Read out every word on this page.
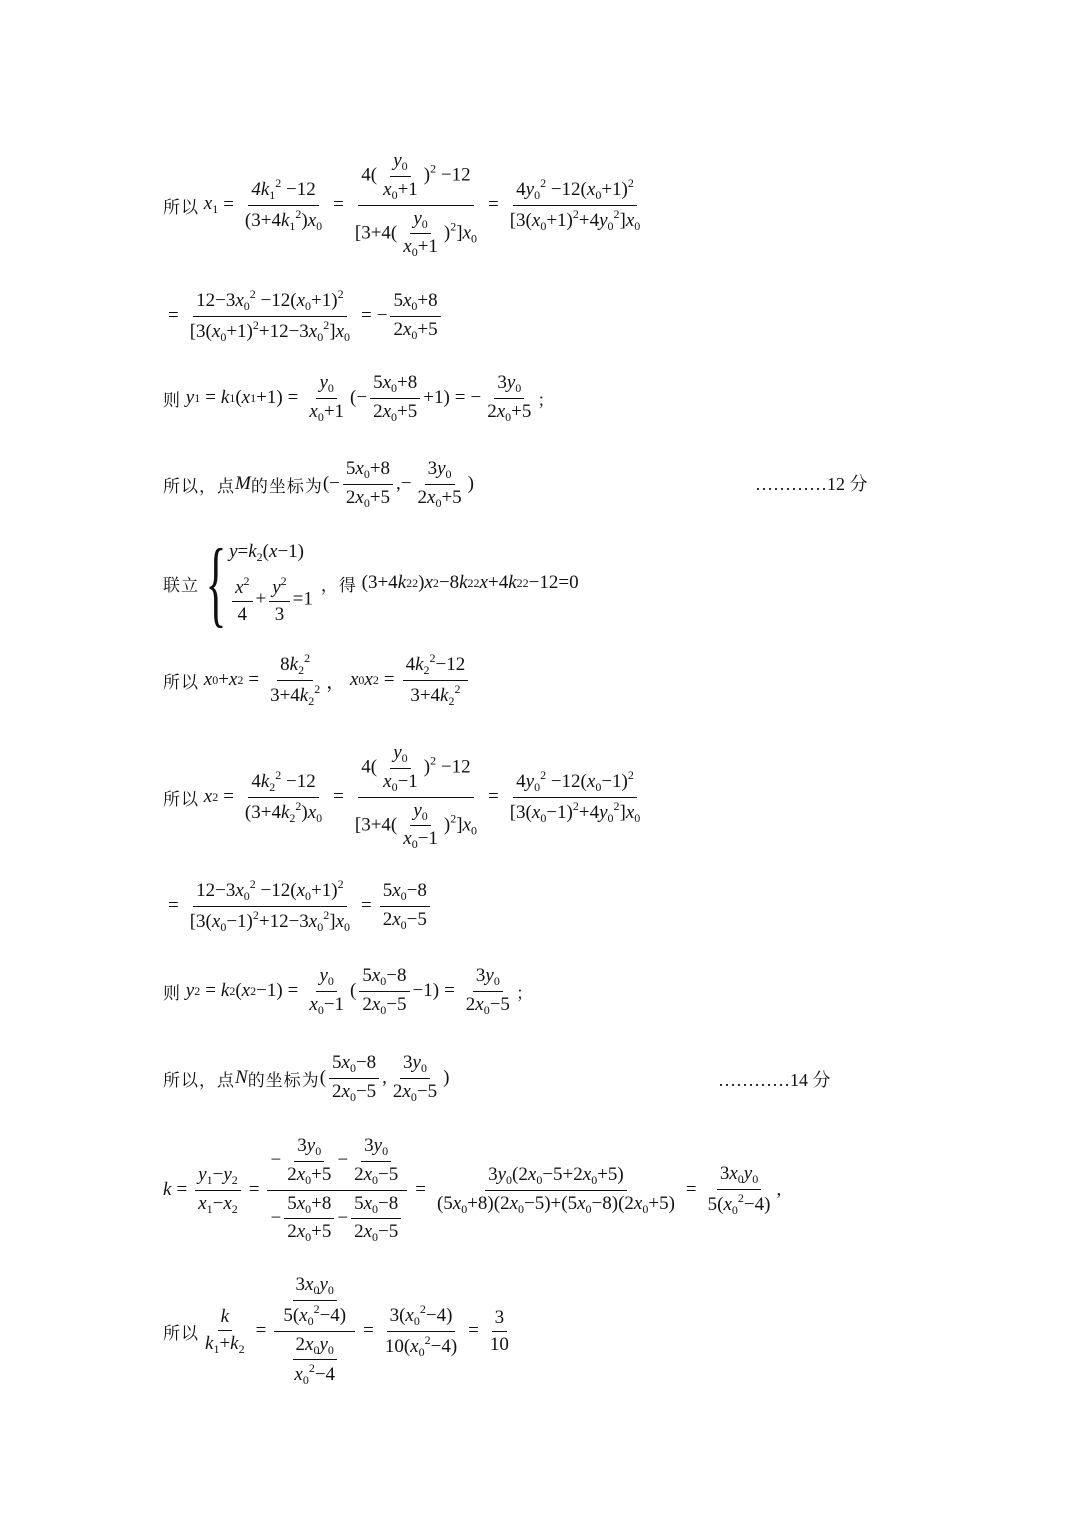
所以 $x_1 = \frac{4k_1^2 -12}{(3+4k_1^2)x_0} = \frac{4( \frac{y_0}{x_0+1} )^2 -12}{[3+4( \frac{y_0}{x_0+1} )^2]x_0} = \frac{4y_0^2 -12(x_0+1)^2}{[3(x_0+1)^2+4y_0^2]x_0}$
= $\frac{12-3x_0^2 -12(x_0+1)^2}{[3(x_0+1)^2+12-3x_0^2]x_0}$ = − $\frac{5x_0+8}{2x_0+5}$
则 y 1 = k 1 ( x $1 +1) = \frac{y_0}{x_0+1}$ (− $\frac{5x_0+8}{2x_0+5} +1$) = − $\frac{3y_0}{2x_0+5}$ ；
所以，点 M 的坐标为 (− $\frac{5x_0+8}{2x_0+5}$ ,− $\frac{3y_0}{2x_0+5}$ )	…………12 分
联立 { $y=k_2(x-1)$
$\frac{x^2}{4} + \frac{y^2}{3} =1$
，得 (3+4 k 2 2 ) x 2 −8 k 2 2 x +4 k 2 2 −12=0
所以 x 0 + x $2 = \frac{8k_2^2}{3+4k_2^2}$ ， x 0 x $2 = \frac{4k_2^2-12}{3+4k_2^2}$
所以 x $2 = \frac{4k_2^2 -12}{(3+4k_2^2)x_0} = \frac{4( \frac{y_0}{x_0-1} )^2 -12}{[3+4( \frac{y_0}{x_0-1} )^2]x_0} = \frac{4y_0^2 -12(x_0-1)^2}{[3(x_0-1)^2+4y_0^2]x_0}$
= $\frac{12-3x_0^2 -12(x_0+1)^2}{[3(x_0-1)^2+12-3x_0^2]x_0} = \frac{5x_0-8}{2x_0-5}$
则 y 2 = k 2 ( x $2 -1) = \frac{y_0}{x_0-1}$ ( $\frac{5x_0-8}{2x_0-5} -1) = \frac{3y_0}{2x_0-5}$ ；
所以，点 N 的坐标为 ( $\frac{5x_0-8}{2x_0-5}$ , $\frac{3y_0}{2x_0-5}$ )	…………14 分
$k = \frac{y_1-y_2}{x_1-x_2} = \frac{- \frac{3y_0}{2x_0+5} - \frac{3y_0}{2x_0-5}}{- \frac{5x_0+8}{2x_0+5} - \frac{5x_0-8}{2x_0-5}} = \frac{3y_0(2x_0-5+2x_0+5)}{(5x_0+8)(2x_0-5)+(5x_0-8)(2x_0+5)} = \frac{3x_0y_0}{5(x_0^2-4)}$ ,
所以 $\frac{k}{k_1+k_2} = \frac{\frac{3x_0y_0}{5(x_0^2-4)}}{\frac{2x_0y_0}{x_0^2-4}} = \frac{3(x_0^2-4)}{10(x_0^2-4)} = \frac{3}{10}$
